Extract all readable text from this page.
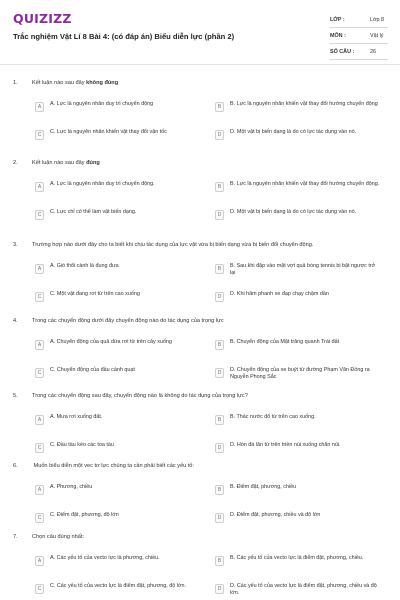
QUIZIZZ
Trắc nghiệm Vật Lí 8 Bài 4: (có đáp án) Biểu diễn lực (phần 2)
LỚP :	Lớp 8
MÔN :	Vật lý
SỐ CÂU :	26
1.	Kết luận nào sau đây không đúng
A	A. Lực là nguyên nhân duy trì chuyển động	B	B. Lực là nguyên nhân khiến vật thay đổi hướng chuyển động
C	C. Lực là nguyên nhân khiến vật thay đổi vận tốc	D	D. Một vật bị biến dạng là do có lực tác dụng vào nó.
2.	Kết luận nào sau đây đúng
A	A. Lực là nguyên nhân duy trì chuyển động.	B	B. Lực là nguyên nhân khiến vật thay đổi hướng chuyển động.
C	C. Lực chỉ có thể làm vật biến dạng.	D	D. Một vật bị biến dạng là do có lực tác dụng vào nó.
3.	Trường hợp nào dưới đây cho ta biết khi chịu tác dụng của lực vật vừa bị biến dạng vừa bị biến đổi chuyển động.
A	A. Gió thổi cành lá đung đưa	B	B. Sau khi đập vào mặt vợt quả bóng tennis bị bật ngược trở lại
C	C. Một vật đang rơi từ trên cao xuống	D	D. Khi hãm phanh xe đạp chạy chậm dần
4.	Trong các chuyển động dưới đây chuyển động nào do tác dụng của trọng lực
A	A. Chuyển động của quả dừa rơi từ trên cây xuống	B	B. Chuyển động của Mặt trăng quanh Trái đất
C	C. Chuyển động của đầu cánh quạt	D	D. Chuyển động của xe buýt từ đường Phạm Văn Đồng ra Nguyễn Phong Sắc
5.	Trong các chuyển động sau đây, chuyển động nào là không do tác dụng của trọng lực?
A	A. Mưa rơi xuống đất.	B	B. Thác nước đổ từ trên cao xuống.
C	C. Đầu tàu kéo các toa tàu	D	D. Hòn đá lăn từ trên triền núi xuống chân núi.
6.	Muốn biểu diễn một vec tơ lực chúng ta cần phải biết các yếu tố:
A	A. Phương, chiều	B	B. Điểm đặt, phương, chiều
C	C. Điểm đặt, phương, độ lớn	D	D. Điểm đặt, phương, chiều và độ lớn
7.	Chọn câu đúng nhất:
A	A. Các yếu tố của vecto lực là phương, chiều.	B	B. Các yếu tố của vecto lực là điểm đặt, phương, chiều.
C	C. Các yếu tố của vecto lực là điểm đặt, phương, độ lớn.	D	D. Các yếu tố của vecto lực là điểm đặt, phương, chiều và độ lớn.
